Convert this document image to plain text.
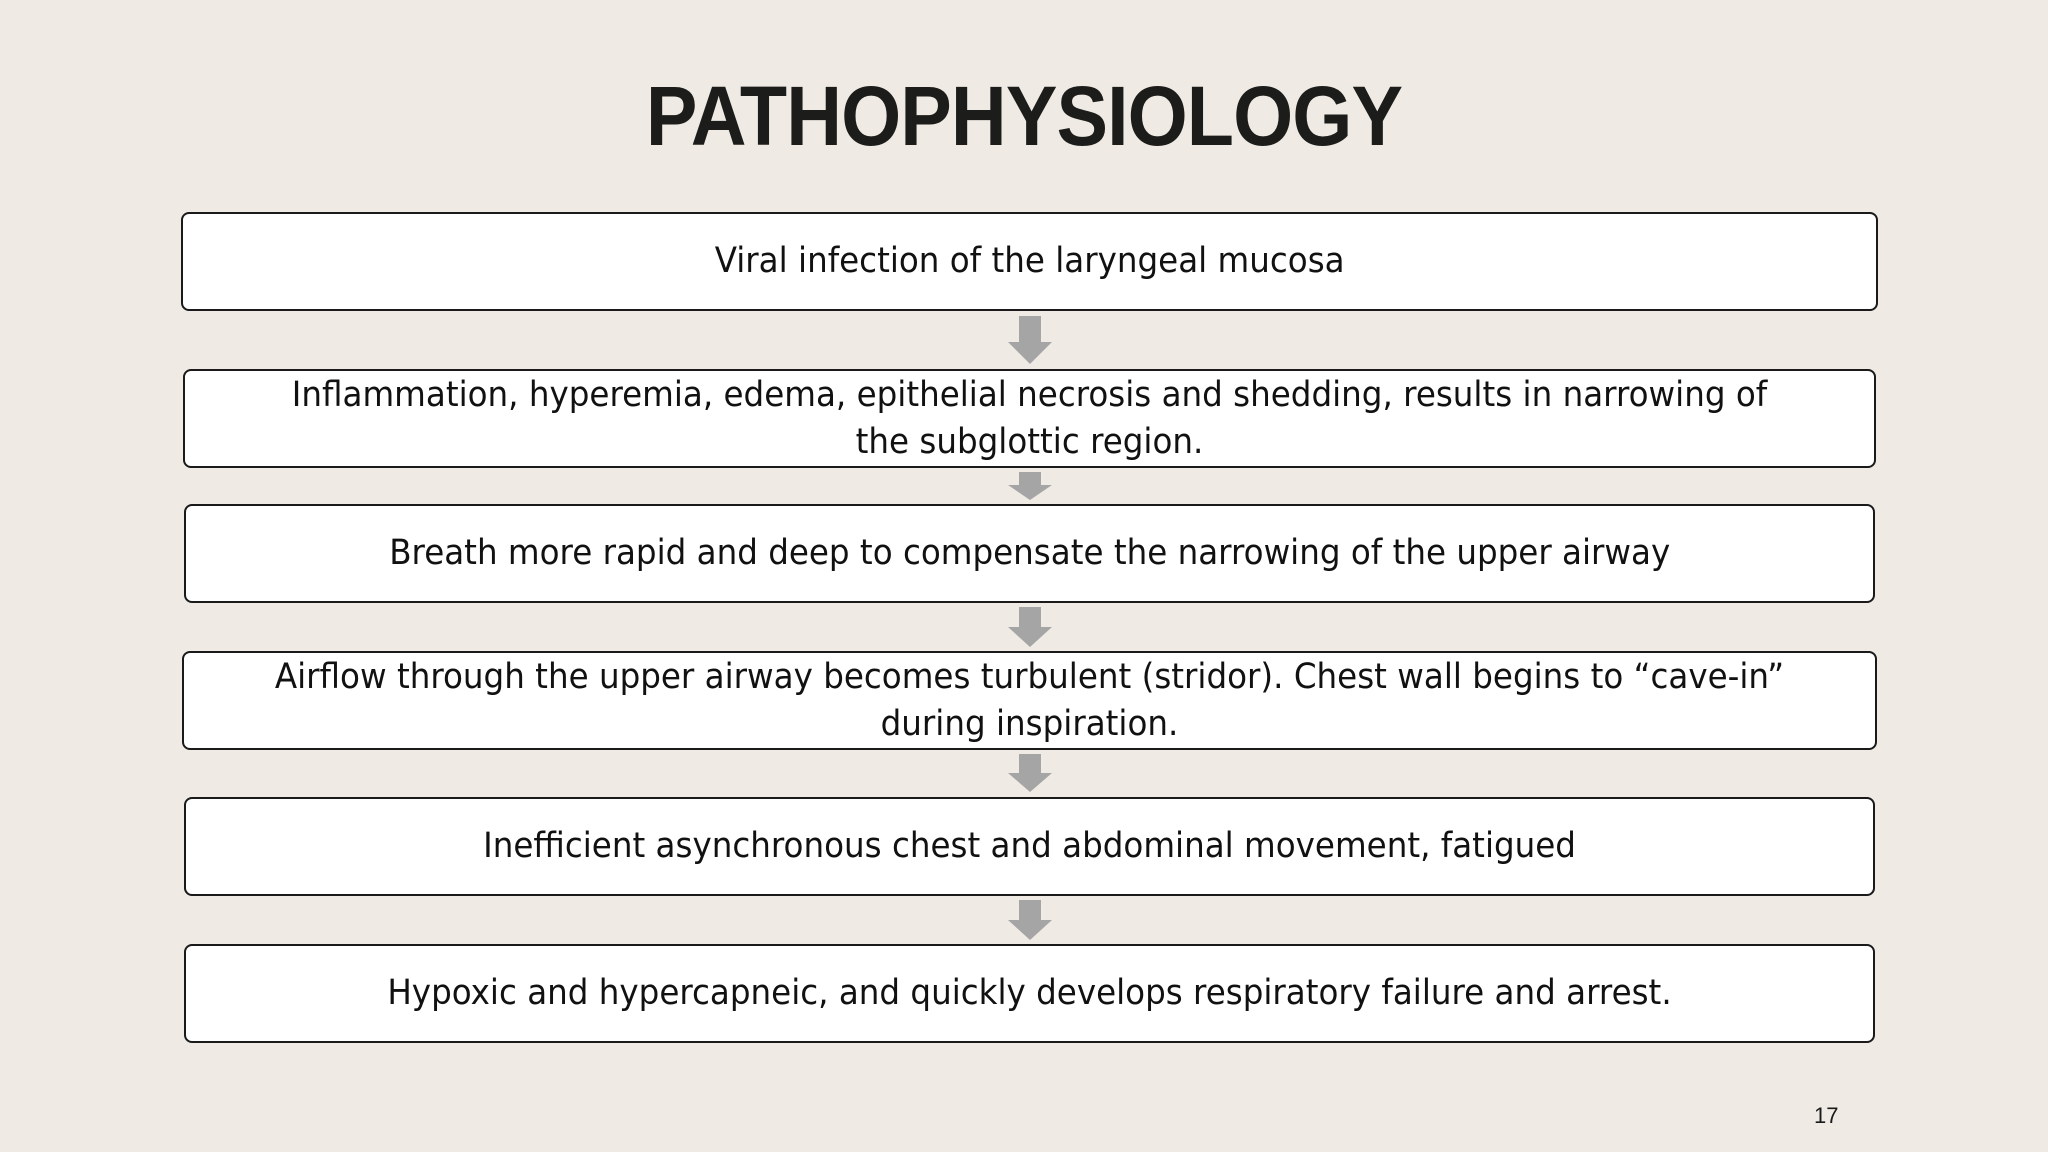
PATHOPHYSIOLOGY
Viral infection of the laryngeal mucosa
Inflammation, hyperemia, edema, epithelial necrosis and shedding, results in narrowing of the subglottic region.
Breath more rapid and deep to compensate the narrowing of the upper airway
Airflow through the upper airway becomes turbulent (stridor). Chest wall begins to “cave-in” during inspiration.
Inefficient asynchronous chest and abdominal movement, fatigued
Hypoxic and hypercapneic, and quickly develops respiratory failure and arrest.
17
